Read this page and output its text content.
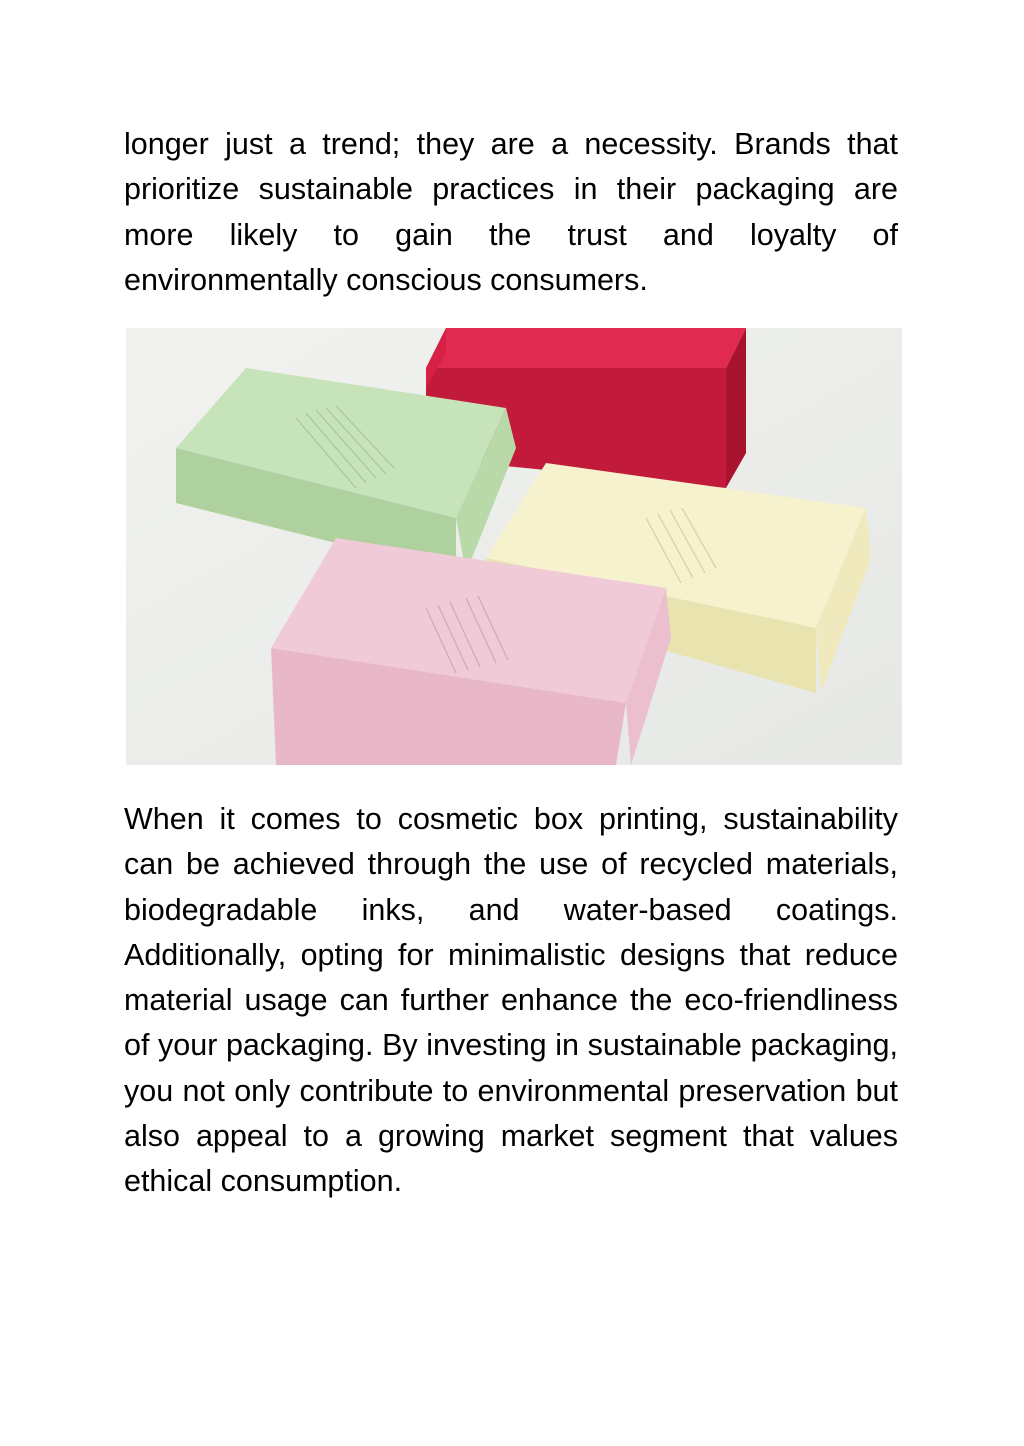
longer just a trend; they are a necessity. Brands that prioritize sustainable practices in their packaging are more likely to gain the trust and loyalty of environmentally conscious consumers.

When it comes to cosmetic box printing, sustainability can be achieved through the use of recycled materials, biodegradable inks, and water-based coatings. Additionally, opting for minimalistic designs that reduce material usage can further enhance the eco-friendliness of your packaging. By investing in sustainable packaging, you not only contribute to environmental preservation but also appeal to a growing market segment that values ethical consumption.
